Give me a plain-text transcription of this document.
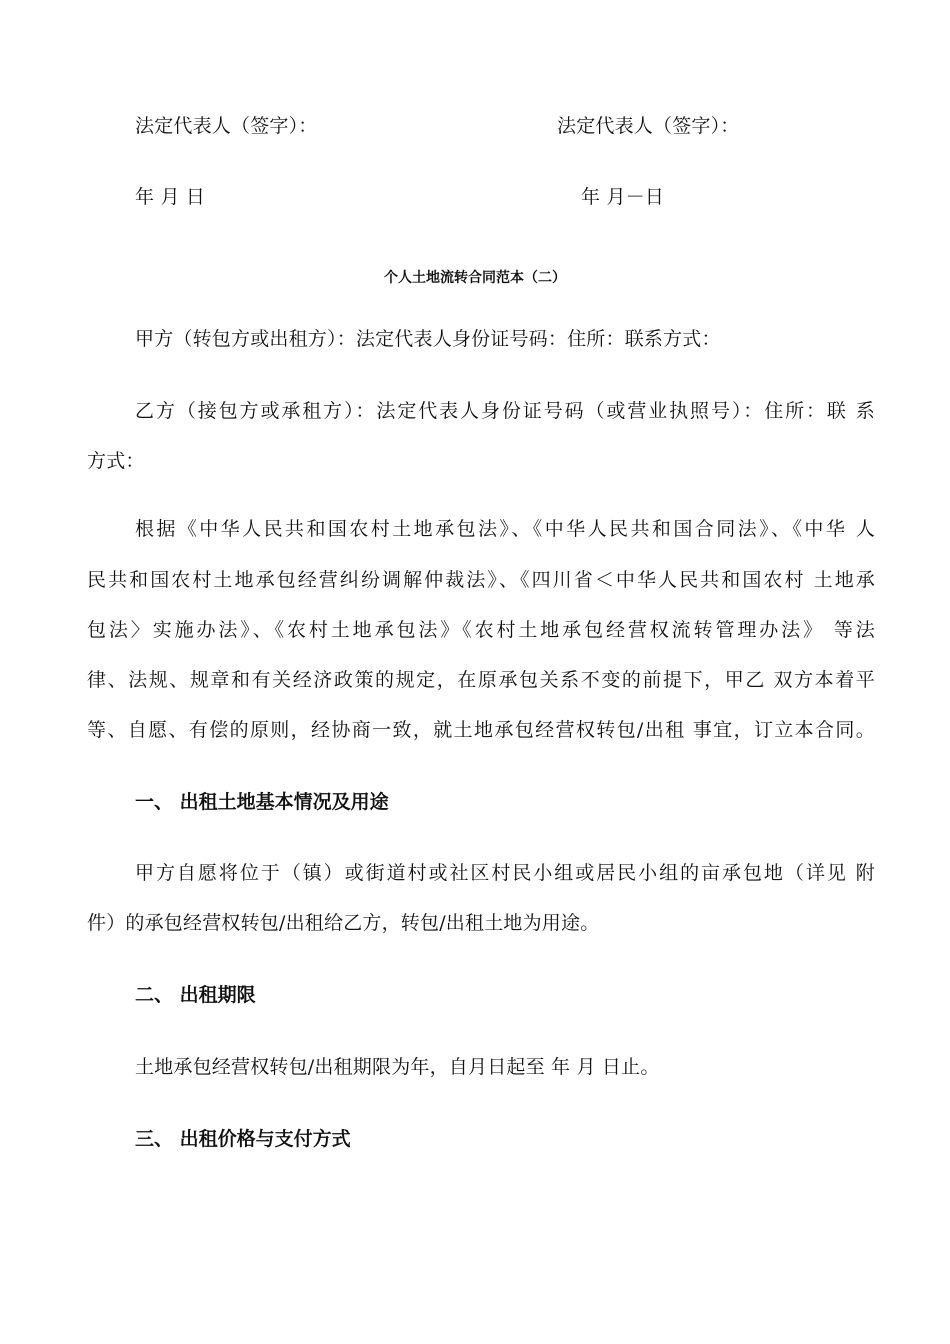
法定代表人（签字）：	法定代表人（签字）：
年 月 日	年 月－日
个人土地流转合同范本（二）
甲方（转包方或出租方）：法定代表人身份证号码：住所：联系方式：
乙方（接包方或承租方）：法定代表人身份证号码（或营业执照号）：住所：联 系
方式：
根据《中华人民共和国农村土地承包法》、《中华人民共和国合同法》、《中华 人
民共和国农村土地承包经营纠纷调解仲裁法》、《四川省＜中华人民共和国农村 土地承
包法〉实施办法》、《农村土地承包法》《农村土地承包经营权流转管理办法》 等法
律、法规、规章和有关经济政策的规定，在原承包关系不变的前提下，甲乙 双方本着平
等、自愿、有偿的原则，经协商一致，就土地承包经营权转包/出租 事宜，订立本合同。
一、 出租土地基本情况及用途
甲方自愿将位于（镇）或街道村或社区村民小组或居民小组的亩承包地（详见 附
件）的承包经营权转包/出租给乙方，转包/出租土地为用途。
二、 出租期限
土地承包经营权转包/出租期限为年，自月日起至 年 月 日止。
三、 出租价格与支付方式
